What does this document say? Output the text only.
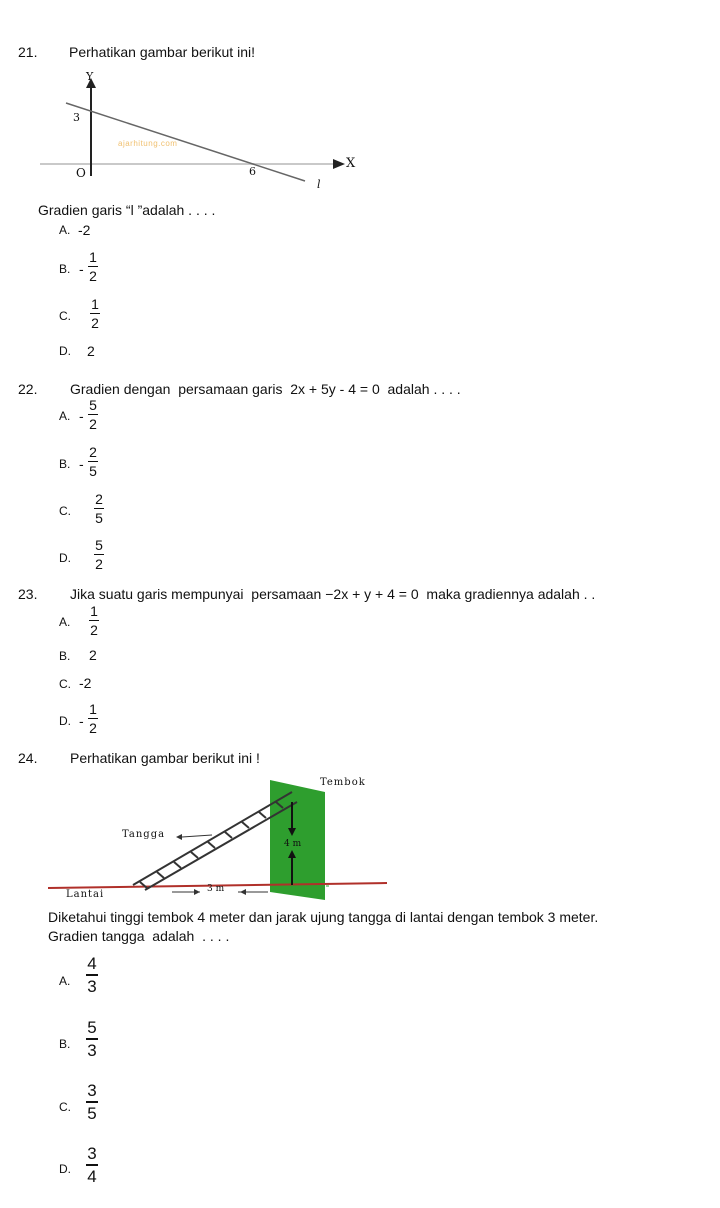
21. Perhatikan gambar berikut ini!
Y
X
3
O	6
l
ajarhitung.com
Gradien garis “l ”adalah . . . .
A. -2
B. -
1
2
C.
1
2
D. 2
22. Gradien dengan  persamaan garis  2x + 5y - 4 = 0  adalah . . . .
A. -
5
2
B. -
2
5
C.
2
5
D.
5
2
23. Jika suatu garis mempunyai  persamaan −2x + y + 4 = 0  maka gradiennya adalah . .
A.
1
2
B. 2
C. -2
D. -
1
2
24. Perhatikan gambar berikut ini !
Tembok
Tangga
4 m
Lantai	3 m
Diketahui tinggi tembok 4 meter dan jarak ujung tangga di lantai dengan tembok 3 meter.
Gradien tangga  adalah  . . . .
A.
4
3
B.
5
3
C.
3
5
D.
3
4
